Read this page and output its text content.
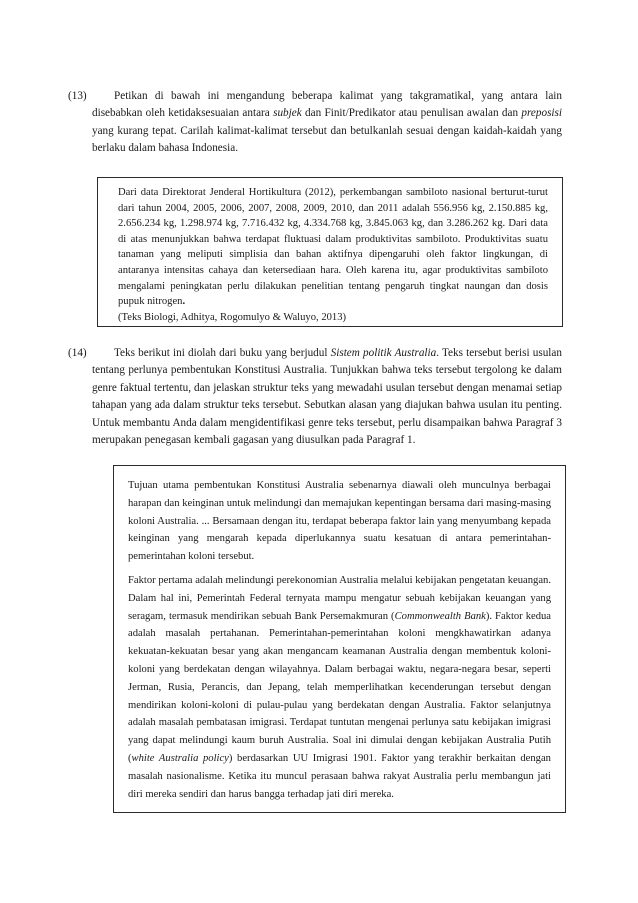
(13) Petikan di bawah ini mengandung beberapa kalimat yang takgramatikal, yang antara lain disebabkan oleh ketidaksesuaian antara subjek dan Finit/Predikator atau penulisan awalan dan preposisi yang kurang tepat. Carilah kalimat-kalimat tersebut dan betulkanlah sesuai dengan kaidah-kaidah yang berlaku dalam bahasa Indonesia.

Dari data Direktorat Jenderal Hortikultura (2012), perkembangan sambiloto nasional berturut-turut dari tahun 2004, 2005, 2006, 2007, 2008, 2009, 2010, dan 2011 adalah 556.956 kg, 2.150.885 kg, 2.656.234 kg, 1.298.974 kg, 7.716.432 kg, 4.334.768 kg, 3.845.063 kg, dan 3.286.262 kg. Dari data di atas menunjukkan bahwa terdapat fluktuasi dalam produktivitas sambiloto. Produktivitas suatu tanaman yang meliputi simplisia dan bahan aktifnya dipengaruhi oleh faktor lingkungan, di antaranya intensitas cahaya dan ketersediaan hara. Oleh karena itu, agar produktivitas sambiloto mengalami peningkatan perlu dilakukan penelitian tentang pengaruh tingkat naungan dan dosis pupuk nitrogen.

(Teks Biologi, Adhitya, Rogomulyo & Waluyo, 2013)

(14) Teks berikut ini diolah dari buku yang berjudul Sistem politik Australia. Teks tersebut berisi usulan tentang perlunya pembentukan Konstitusi Australia. Tunjukkan bahwa teks tersebut tergolong ke dalam genre faktual tertentu, dan jelaskan struktur teks yang mewadahi usulan tersebut dengan menamai setiap tahapan yang ada dalam struktur teks tersebut. Sebutkan alasan yang diajukan bahwa usulan itu penting. Untuk membantu Anda dalam mengidentifikasi genre teks tersebut, perlu disampaikan bahwa Paragraf 3 merupakan penegasan kembali gagasan yang diusulkan pada Paragraf 1.

Tujuan utama pembentukan Konstitusi Australia sebenarnya diawali oleh munculnya berbagai harapan dan keinginan untuk melindungi dan memajukan kepentingan bersama dari masing-masing koloni Australia. ... Bersamaan dengan itu, terdapat beberapa faktor lain yang menyumbang kepada keinginan yang mengarah kepada diperlukannya suatu kesatuan di antara pemerintahan-pemerintahan koloni tersebut.

Faktor pertama adalah melindungi perekonomian Australia melalui kebijakan pengetatan keuangan. Dalam hal ini, Pemerintah Federal ternyata mampu mengatur sebuah kebijakan keuangan yang seragam, termasuk mendirikan sebuah Bank Persemakmuran (Commonwealth Bank). Faktor kedua adalah masalah pertahanan. Pemerintahan-pemerintahan koloni mengkhawatirkan adanya kekuatan-kekuatan besar yang akan mengancam keamanan Australia dengan membentuk koloni-koloni yang berdekatan dengan wilayahnya. Dalam berbagai waktu, negara-negara besar, seperti Jerman, Rusia, Perancis, dan Jepang, telah memperlihatkan kecenderungan tersebut dengan mendirikan koloni-koloni di pulau-pulau yang berdekatan dengan Australia. Faktor selanjutnya adalah masalah pembatasan imigrasi. Terdapat tuntutan mengenai perlunya satu kebijakan imigrasi yang dapat melindungi kaum buruh Australia. Soal ini dimulai dengan kebijakan Australia Putih (white Australia policy) berdasarkan UU Imigrasi 1901. Faktor yang terakhir berkaitan dengan masalah nasionalisme. Ketika itu muncul perasaan bahwa rakyat Australia perlu membangun jati diri mereka sendiri dan harus bangga terhadap jati diri mereka.
